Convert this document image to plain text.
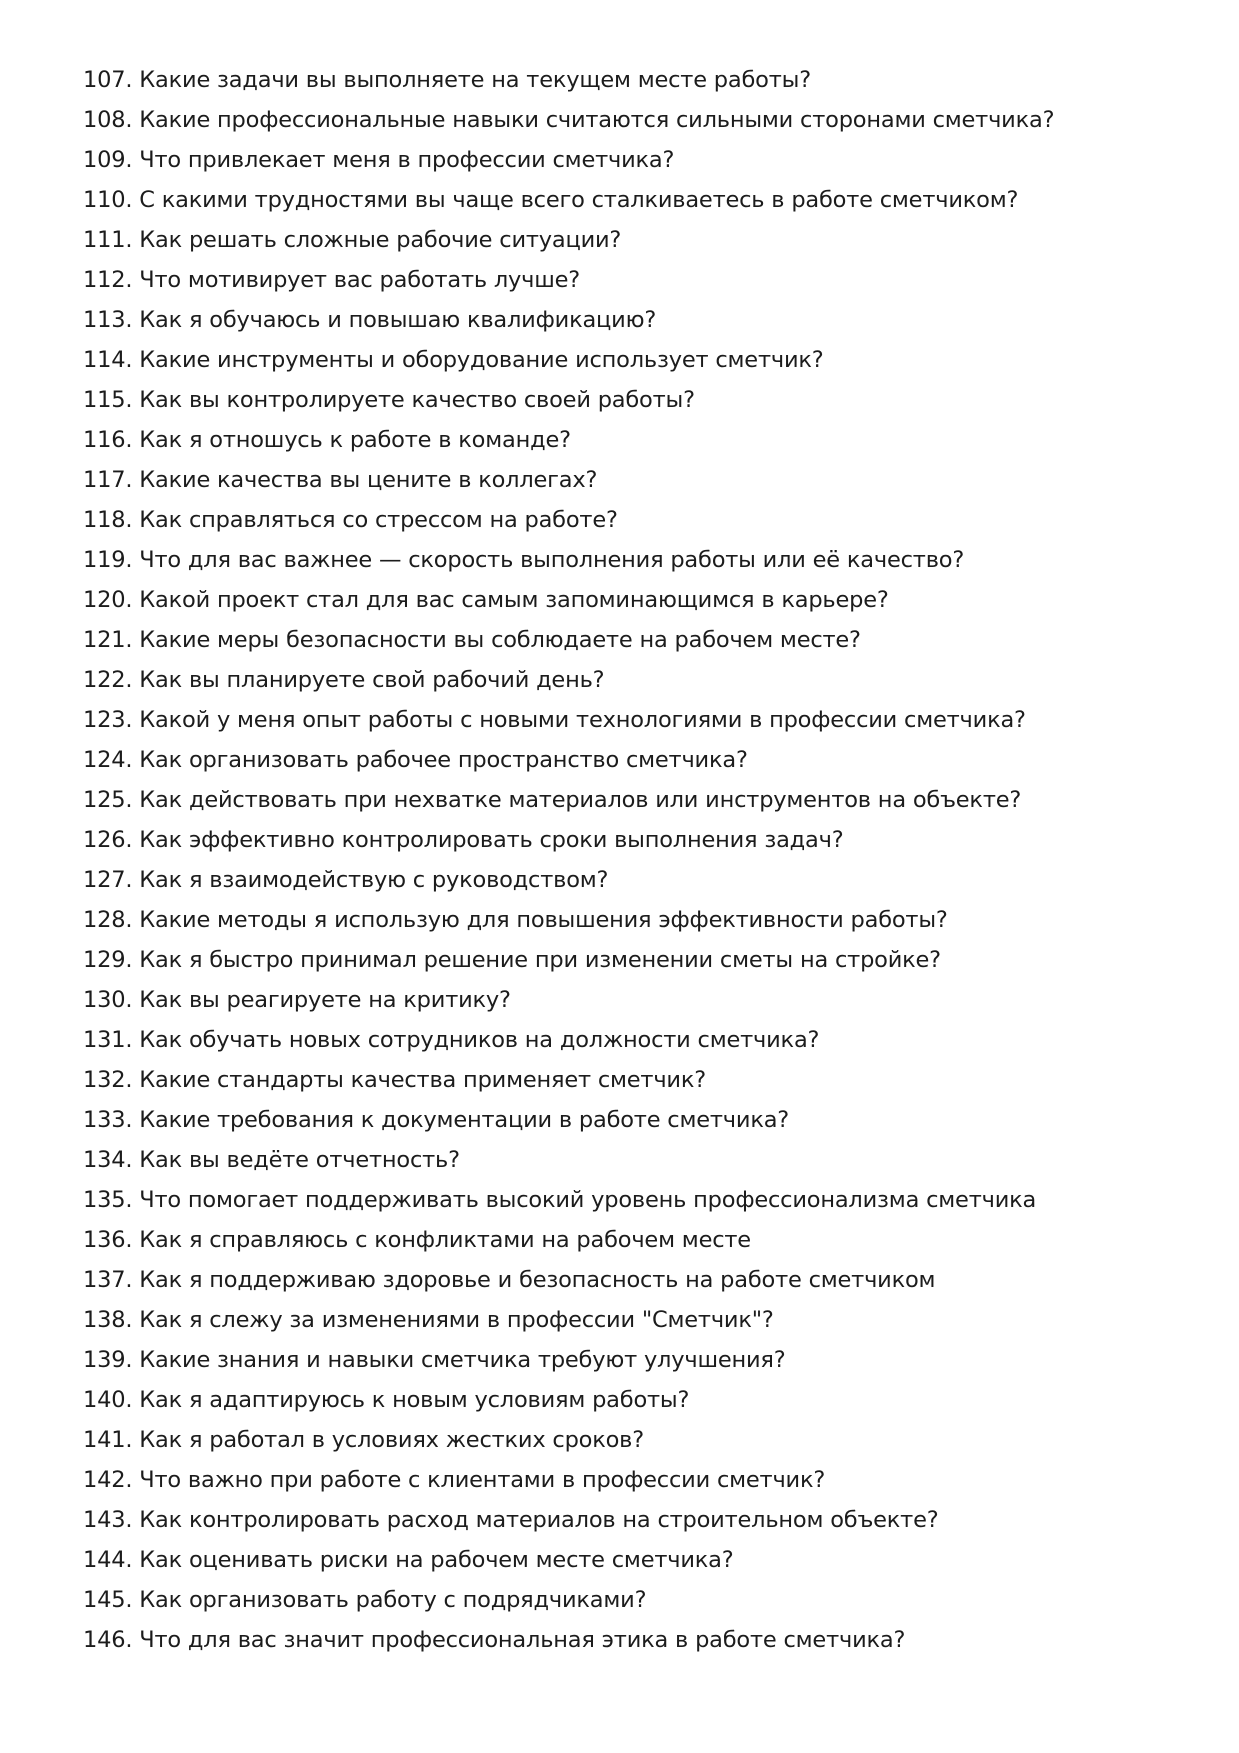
107. Какие задачи вы выполняете на текущем месте работы?
108. Какие профессиональные навыки считаются сильными сторонами сметчика?
109. Что привлекает меня в профессии сметчика?
110. С какими трудностями вы чаще всего сталкиваетесь в работе сметчиком?
111. Как решать сложные рабочие ситуации?
112. Что мотивирует вас работать лучше?
113. Как я обучаюсь и повышаю квалификацию?
114. Какие инструменты и оборудование использует сметчик?
115. Как вы контролируете качество своей работы?
116. Как я отношусь к работе в команде?
117. Какие качества вы цените в коллегах?
118. Как справляться со стрессом на работе?
119. Что для вас важнее — скорость выполнения работы или её качество?
120. Какой проект стал для вас самым запоминающимся в карьере?
121. Какие меры безопасности вы соблюдаете на рабочем месте?
122. Как вы планируете свой рабочий день?
123. Какой у меня опыт работы с новыми технологиями в профессии сметчика?
124. Как организовать рабочее пространство сметчика?
125. Как действовать при нехватке материалов или инструментов на объекте?
126. Как эффективно контролировать сроки выполнения задач?
127. Как я взаимодействую с руководством?
128. Какие методы я использую для повышения эффективности работы?
129. Как я быстро принимал решение при изменении сметы на стройке?
130. Как вы реагируете на критику?
131. Как обучать новых сотрудников на должности сметчика?
132. Какие стандарты качества применяет сметчик?
133. Какие требования к документации в работе сметчика?
134. Как вы ведёте отчетность?
135. Что помогает поддерживать высокий уровень профессионализма сметчика
136. Как я справляюсь с конфликтами на рабочем месте
137. Как я поддерживаю здоровье и безопасность на работе сметчиком
138. Как я слежу за изменениями в профессии "Сметчик"?
139. Какие знания и навыки сметчика требуют улучшения?
140. Как я адаптируюсь к новым условиям работы?
141. Как я работал в условиях жестких сроков?
142. Что важно при работе с клиентами в профессии сметчик?
143. Как контролировать расход материалов на строительном объекте?
144. Как оценивать риски на рабочем месте сметчика?
145. Как организовать работу с подрядчиками?
146. Что для вас значит профессиональная этика в работе сметчика?
